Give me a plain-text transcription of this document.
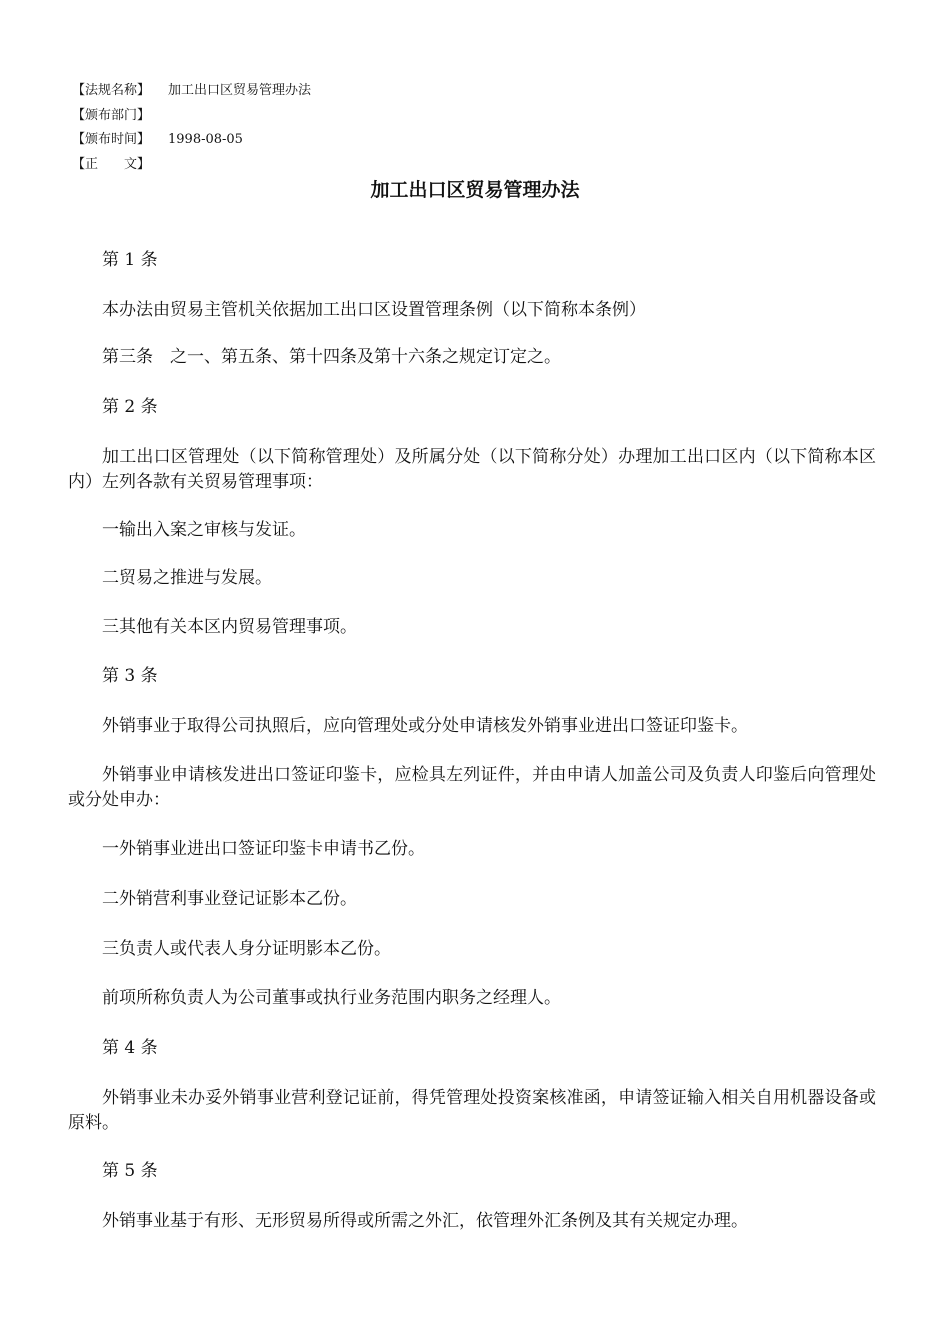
【法规名称】 加工出口区贸易管理办法
【颁布部门】
【颁布时间】 1998-08-05
【正　　文】
加工出口区贸易管理办法

第 1 条

本办法由贸易主管机关依据加工出口区设置管理条例（以下简称本条例）

第三条　之一、第五条、第十四条及第十六条之规定订定之。

第 2 条

加工出口区管理处（以下简称管理处）及所属分处（以下简称分处）办理加工出口区内（以下简称本区内）左列各款有关贸易管理事项：

一输出入案之审核与发证。

二贸易之推进与发展。

三其他有关本区内贸易管理事项。

第 3 条

外销事业于取得公司执照后，应向管理处或分处申请核发外销事业进出口签证印鉴卡。

外销事业申请核发进出口签证印鉴卡，应检具左列证件，并由申请人加盖公司及负责人印鉴后向管理处或分处申办：

一外销事业进出口签证印鉴卡申请书乙份。

二外销营利事业登记证影本乙份。

三负责人或代表人身分证明影本乙份。

前项所称负责人为公司董事或执行业务范围内职务之经理人。

第 4 条

外销事业未办妥外销事业营利登记证前，得凭管理处投资案核准函，申请签证输入相关自用机器设备或原料。

第 5 条

外销事业基于有形、无形贸易所得或所需之外汇，依管理外汇条例及其有关规定办理。
